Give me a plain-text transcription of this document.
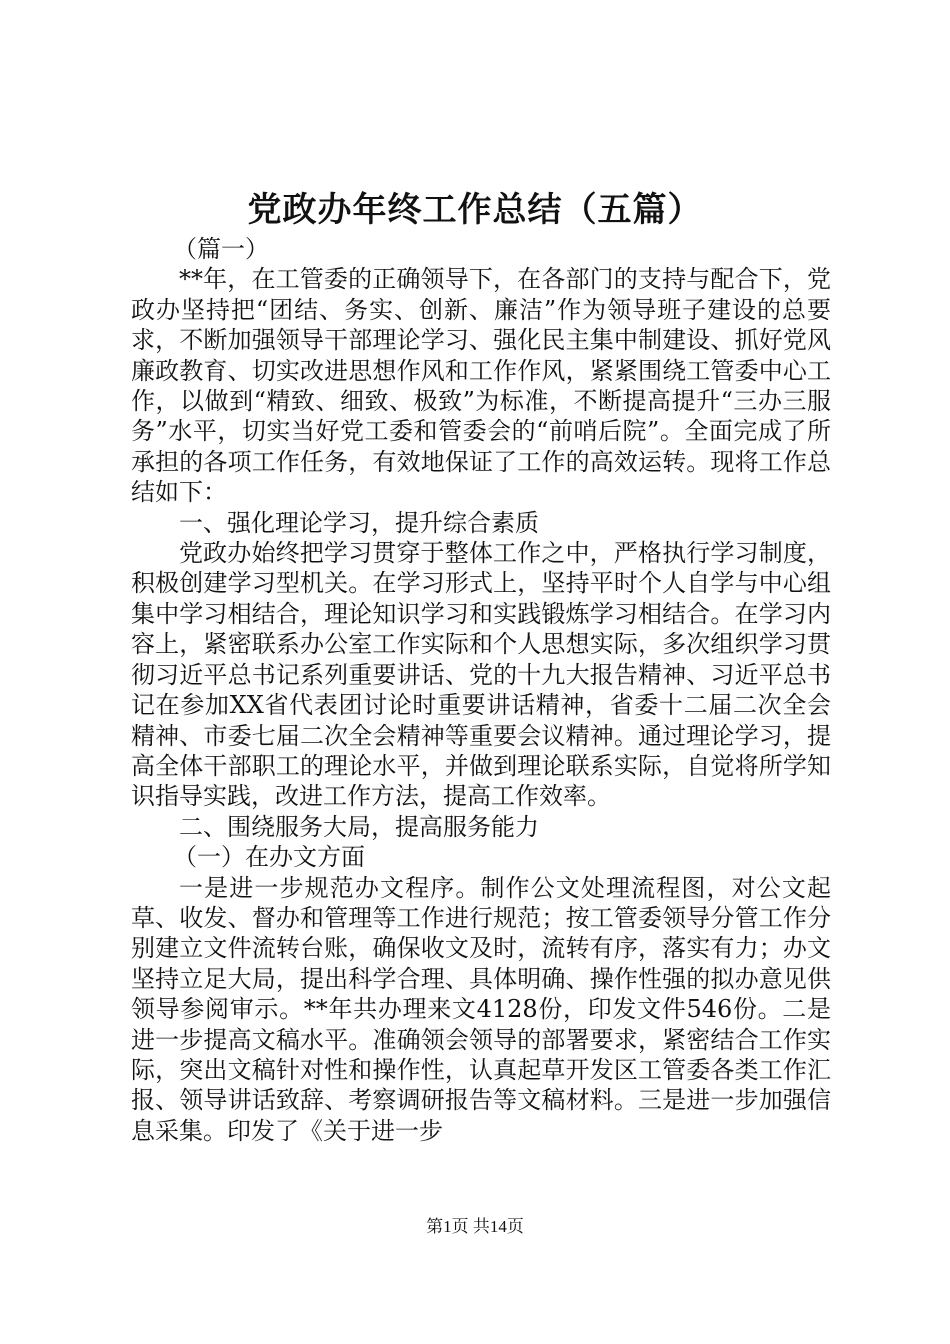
党政办年终工作总结（五篇）

（篇一）

**年，在工管委的正确领导下，在各部门的支持与配合下，党政办坚持把“团结、务实、创新、廉洁”作为领导班子建设的总要求，不断加强领导干部理论学习、强化民主集中制建设、抓好党风廉政教育、切实改进思想作风和工作作风，紧紧围绕工管委中心工作，以做到“精致、细致、极致”为标准，不断提高提升“三办三服务”水平，切实当好党工委和管委会的“前哨后院”。全面完成了所承担的各项工作任务，有效地保证了工作的高效运转。现将工作总结如下：

一、强化理论学习，提升综合素质

党政办始终把学习贯穿于整体工作之中，严格执行学习制度，积极创建学习型机关。在学习形式上，坚持平时个人自学与中心组集中学习相结合，理论知识学习和实践锻炼学习相结合。在学习内容上，紧密联系办公室工作实际和个人思想实际，多次组织学习贯彻习近平总书记系列重要讲话、党的十九大报告精神、习近平总书记在参加XX省代表团讨论时重要讲话精神，省委十二届二次全会精神、市委七届二次全会精神等重要会议精神。通过理论学习，提高全体干部职工的理论水平，并做到理论联系实际，自觉将所学知识指导实践，改进工作方法，提高工作效率。

二、围绕服务大局，提高服务能力

（一）在办文方面

一是进一步规范办文程序。制作公文处理流程图，对公文起草、收发、督办和管理等工作进行规范；按工管委领导分管工作分别建立文件流转台账，确保收文及时，流转有序，落实有力；办文坚持立足大局，提出科学合理、具体明确、操作性强的拟办意见供领导参阅审示。**年共办理来文4128份，印发文件546份。二是进一步提高文稿水平。准确领会领导的部署要求，紧密结合工作实际，突出文稿针对性和操作性，认真起草开发区工管委各类工作汇报、领导讲话致辞、考察调研报告等文稿材料。三是进一步加强信息采集。印发了《关于进一步

第1页 共14页
